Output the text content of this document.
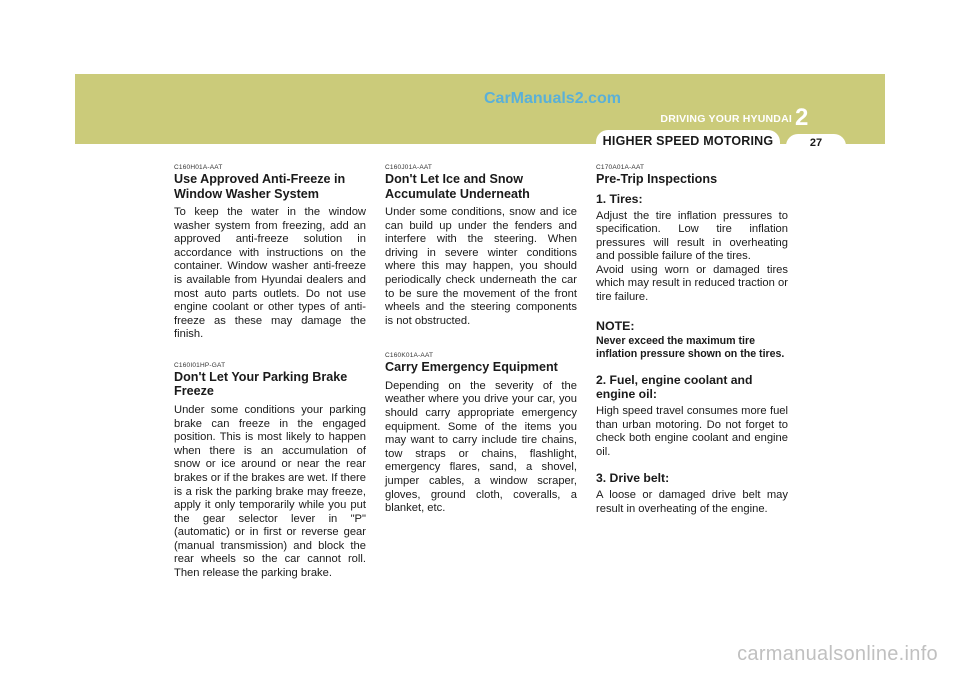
CarManuals2.com
DRIVING YOUR HYUNDAI 2
HIGHER SPEED MOTORING	27

C160H01A-AAT

Use Approved Anti-Freeze in Window Washer System

To keep the water in the window washer system from freezing, add an approved anti-freeze solution in accordance with instructions on the container. Window washer anti-freeze is available from Hyundai dealers and most auto parts outlets. Do not use engine coolant or other types of anti-freeze as these may damage the finish.

C160I01HP-GAT

Don't Let Your Parking Brake Freeze

Under some conditions your parking brake can freeze in the engaged position. This is most likely to happen when there is an accumulation of snow or ice around or near the rear brakes or if the brakes are wet. If there is a risk the parking brake may freeze, apply it only temporarily while you put the gear selector lever in "P" (automatic) or in first or reverse gear (manual transmission) and block the rear wheels so the car cannot roll. Then release the parking brake.

C160J01A-AAT

Don't Let Ice and Snow Accumulate Underneath

Under some conditions, snow and ice can build up under the fenders and interfere with the steering. When driving in severe winter conditions where this may happen, you should periodically check underneath the car to be sure the movement of the front wheels and the steering components is not obstructed.

C160K01A-AAT

Carry Emergency Equipment

Depending on the severity of the weather where you drive your car, you should carry appropriate emergency equipment. Some of the items you may want to carry include tire chains, tow straps or chains, flashlight, emergency flares, sand, a shovel, jumper cables, a window scraper, gloves, ground cloth, coveralls, a blanket, etc.

C170A01A-AAT

Pre-Trip Inspections

1. Tires:

Adjust the tire inflation pressures to specification. Low tire inflation pressures will result in overheating and possible failure of the tires.

Avoid using worn or damaged tires which may result in reduced traction or tire failure.

NOTE:

Never exceed the maximum tire inflation pressure shown on the tires.

2. Fuel, engine coolant and engine oil:

High speed travel consumes more fuel than urban motoring. Do not forget to check both engine coolant and engine oil.

3. Drive belt:

A loose or damaged drive belt may result in overheating of the engine.

carmanualsonline.info
